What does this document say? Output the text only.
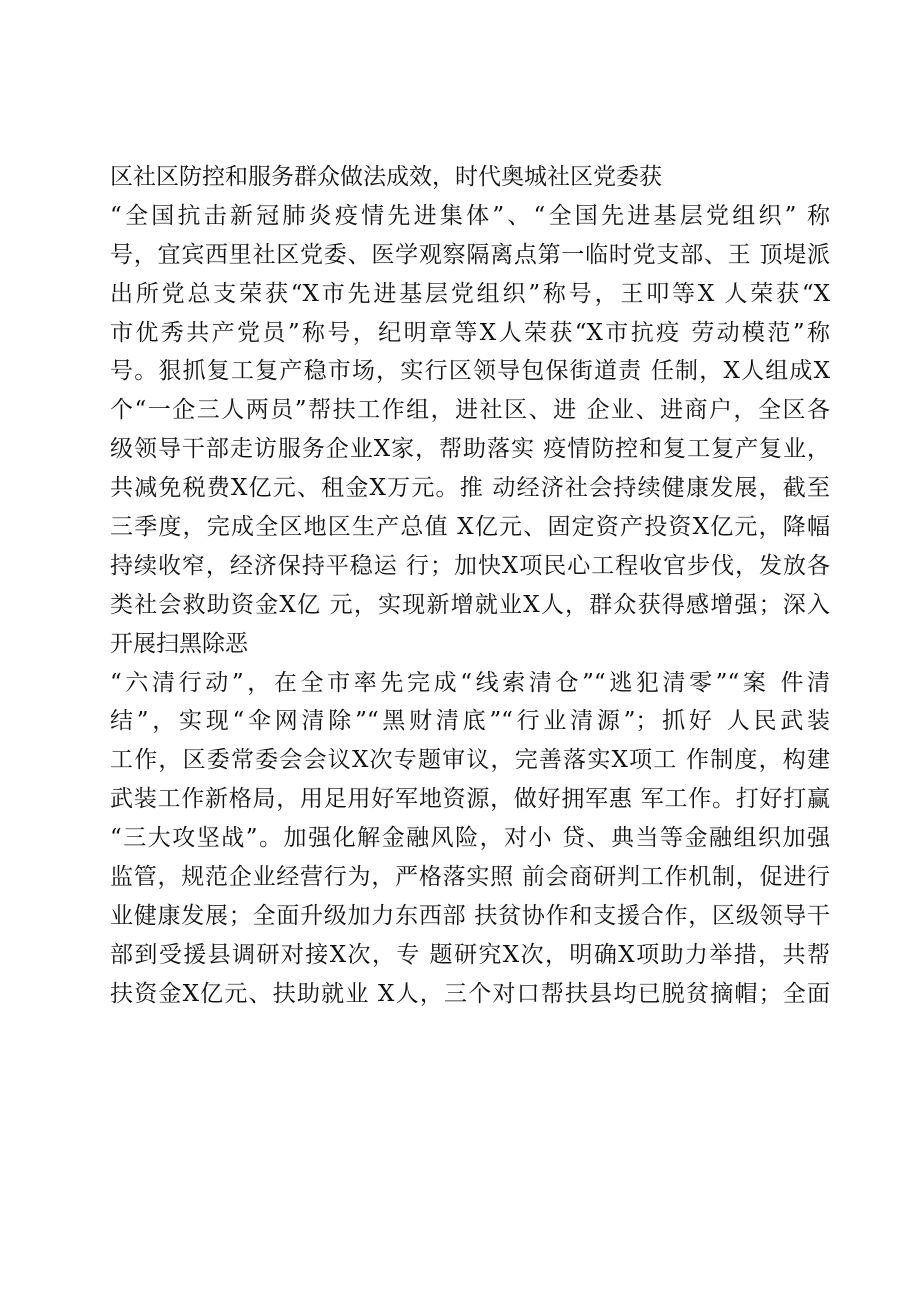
区社区防控和服务群众做法成效，时代奥城社区党委获
“全国抗击新冠肺炎疫情先进集体”、“全国先进基层党组织” 称
号，宜宾西里社区党委、医学观察隔离点第一临时党支部、王 顶堤派
出所党总支荣获“X市先进基层党组织”称号，王叩等X 人荣获“X
市优秀共产党员”称号，纪明章等X人荣获“X市抗疫 劳动模范”称
号。狠抓复工复产稳市场，实行区领导包保街道责 任制，X人组成X
个“一企三人两员”帮扶工作组，进社区、进 企业、进商户，全区各
级领导干部走访服务企业X家，帮助落实 疫情防控和复工复产复业，
共减免税费X亿元、租金X万元。推 动经济社会持续健康发展，截至
三季度，完成全区地区生产总值 X亿元、固定资产投资X亿元，降幅
持续收窄，经济保持平稳运 行；加快X项民心工程收官步伐，发放各
类社会救助资金X亿 元，实现新增就业X人，群众获得感增强；深入
开展扫黑除恶
“六清行动”，在全市率先完成“线索清仓”“逃犯清零”“案 件清
结”，实现“伞网清除”“黑财清底”“行业清源”；抓好 人民武装
工作，区委常委会会议X次专题审议，完善落实X项工 作制度，构建
武装工作新格局，用足用好军地资源，做好拥军惠 军工作。打好打赢
“三大攻坚战”。加强化解金融风险，对小 贷、典当等金融组织加强
监管，规范企业经营行为，严格落实照 前会商研判工作机制，促进行
业健康发展；全面升级加力东西部 扶贫协作和支援合作，区级领导干
部到受援县调研对接X次，专 题研究X次，明确X项助力举措，共帮
扶资金X亿元、扶助就业 X人，三个对口帮扶县均已脱贫摘帽；全面
